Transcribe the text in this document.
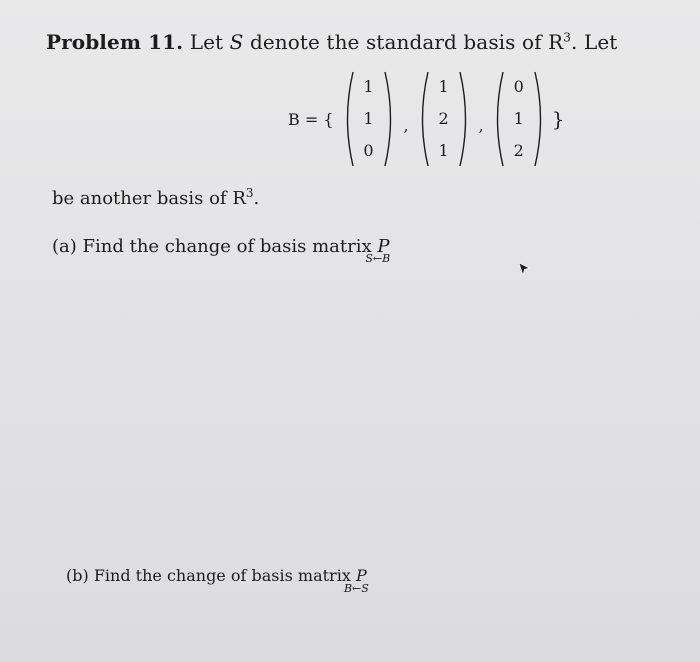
Problem 11. Let S denote the standard basis of $R^3$. Let
B = {
1
1
0
,
1
2
1
,
0
1
2
}
be another basis of $R^3$.
(a) Find the change of basis matrix P
S←B
(b) Find the change of basis matrix P
B←S
